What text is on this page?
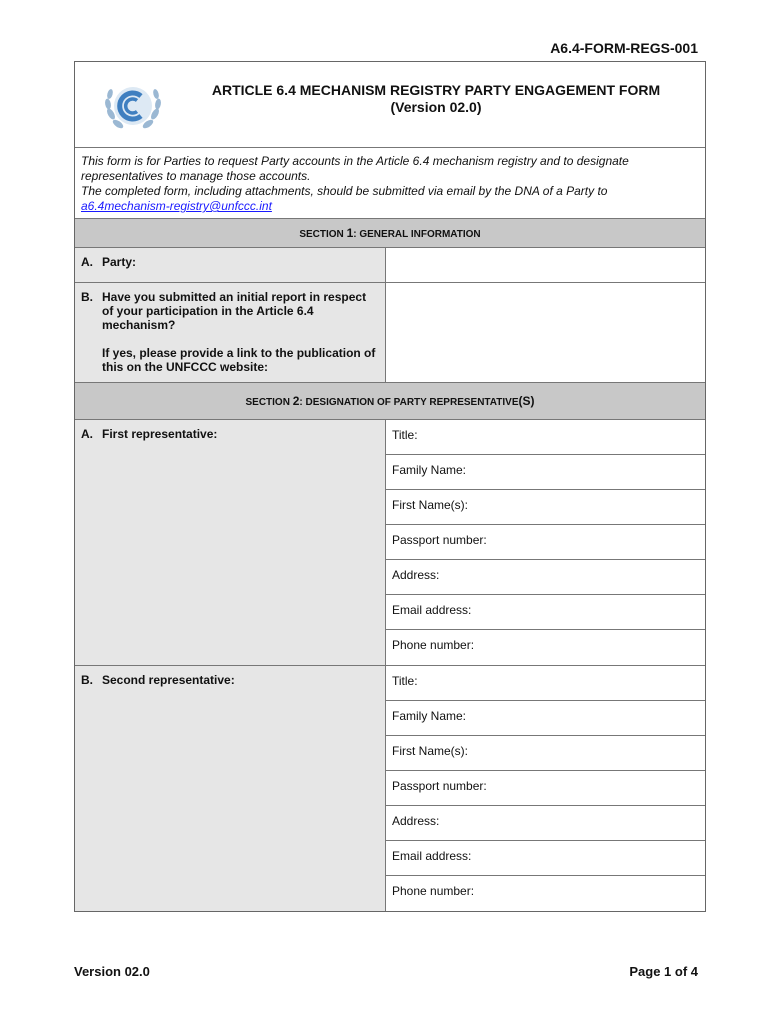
A6.4-FORM-REGS-001
ARTICLE 6.4 MECHANISM REGISTRY PARTY ENGAGEMENT FORM
(Version 02.0)
This form is for Parties to request Party accounts in the Article 6.4 mechanism registry and to designate representatives to manage those accounts.
The completed form, including attachments, should be submitted via email by the DNA of a Party to
a6.4mechanism-registry@unfccc.int
SECTION 1: GENERAL INFORMATION
A. Party:
B. Have you submitted an initial report in respect of your participation in the Article 6.4 mechanism?
If yes, please provide a link to the publication of this on the UNFCCC website:
SECTION 2: DESIGNATION OF PARTY REPRESENTATIVE(S)
A. First representative:	Title:
Family Name:
First Name(s):
Passport number:
Address:
Email address:
Phone number:
B. Second representative:	Title:
Family Name:
First Name(s):
Passport number:
Address:
Email address:
Phone number:
Version 02.0	Page 1 of 4
